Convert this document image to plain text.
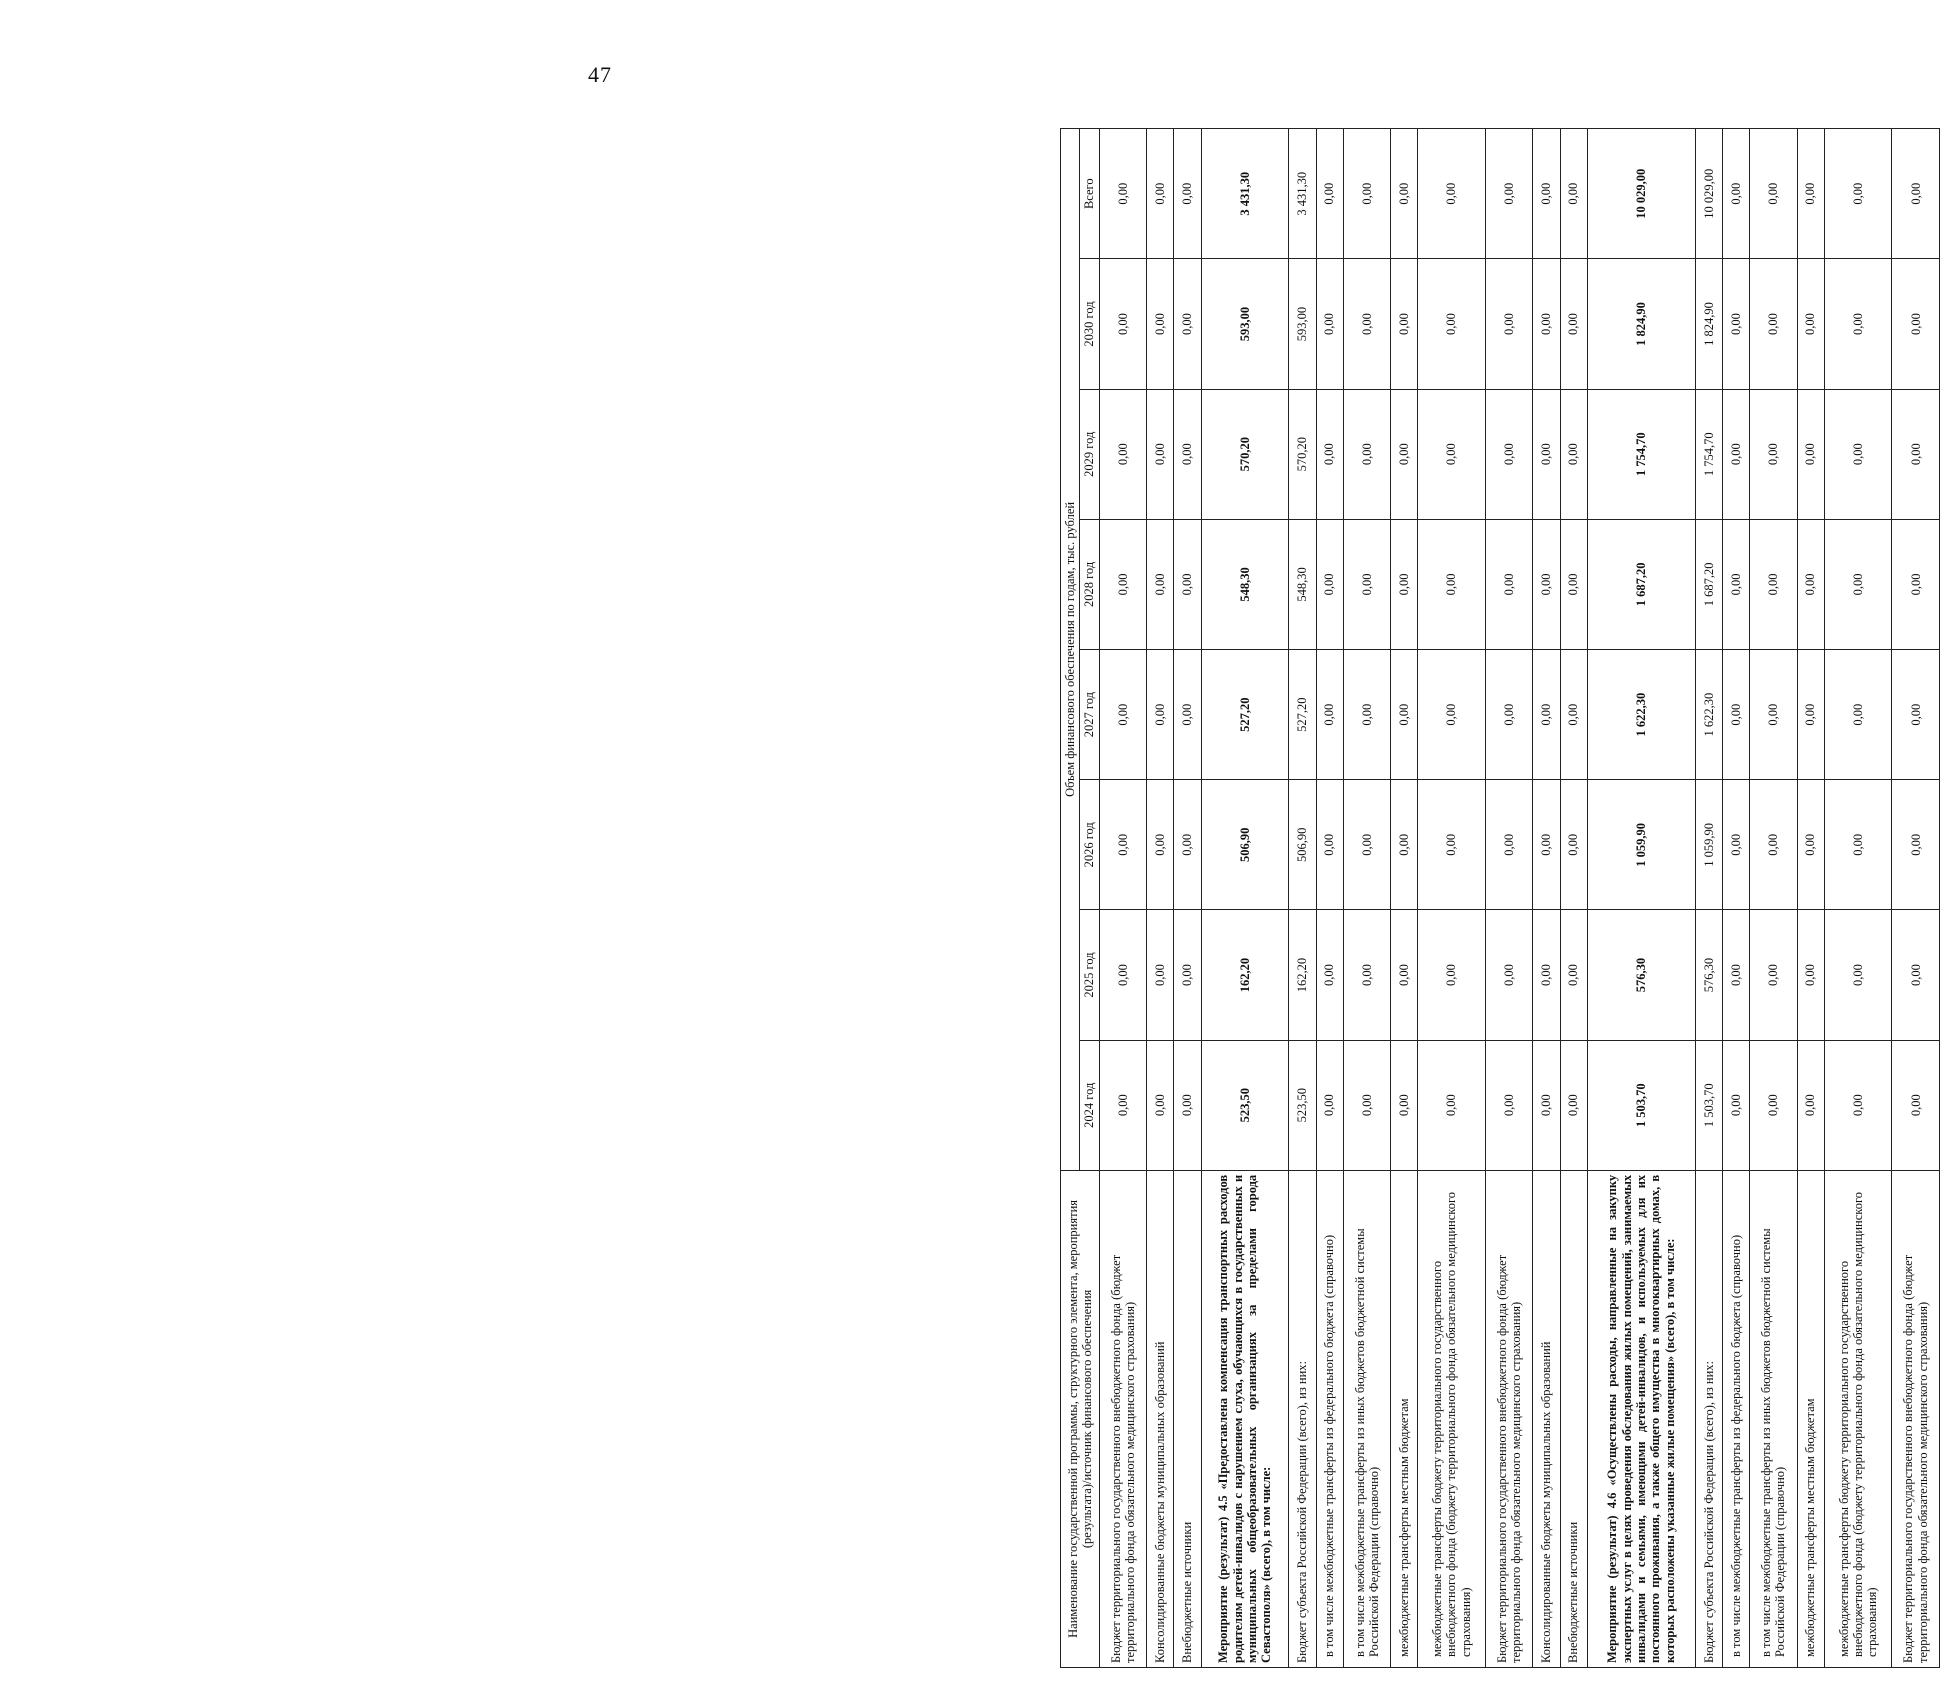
47
Наименование государственной программы, структурного элемента, мероприятия (результата)/источник финансового обеспечения	Объем финансового обеспечения по годам, тыс. рублей							
	2024 год	2025 год	2026 год	2027 год	2028 год	2029 год	2030 год	Всего
Бюджет территориального государственного внебюджетного фонда (бюджет территориального фонда обязательного медицинского страхования)	0,00	0,00	0,00	0,00	0,00	0,00	0,00	0,00
Консолидированные бюджеты муниципальных образований	0,00	0,00	0,00	0,00	0,00	0,00	0,00	0,00
Внебюджетные источники	0,00	0,00	0,00	0,00	0,00	0,00	0,00	0,00
Мероприятие (результат) 4.5 «Предоставлена компенсация транспортных расходов родителям детей-инвалидов с нарушением слуха, обучающихся в государственных и муниципальных общеобразовательных организациях за пределами города Севастополя» (всего), в том числе:	523,50	162,20	506,90	527,20	548,30	570,20	593,00	3 431,30
Бюджет субъекта Российской Федерации (всего), из них:	523,50	162,20	506,90	527,20	548,30	570,20	593,00	3 431,30
в том числе межбюджетные трансферты из федерального бюджета (справочно)	0,00	0,00	0,00	0,00	0,00	0,00	0,00	0,00
в том числе межбюджетные трансферты из иных бюджетов бюджетной системы Российской Федерации (справочно)	0,00	0,00	0,00	0,00	0,00	0,00	0,00	0,00
межбюджетные трансферты местным бюджетам	0,00	0,00	0,00	0,00	0,00	0,00	0,00	0,00
межбюджетные трансферты бюджету территориального государственного внебюджетного фонда (бюджету территориального фонда обязательного медицинского страхования)	0,00	0,00	0,00	0,00	0,00	0,00	0,00	0,00
Бюджет территориального государственного внебюджетного фонда (бюджет территориального фонда обязательного медицинского страхования)	0,00	0,00	0,00	0,00	0,00	0,00	0,00	0,00
Консолидированные бюджеты муниципальных образований	0,00	0,00	0,00	0,00	0,00	0,00	0,00	0,00
Внебюджетные источники	0,00	0,00	0,00	0,00	0,00	0,00	0,00	0,00
Мероприятие (результат) 4.6 «Осуществлены расходы, направленные на закупку экспертных услуг в целях проведения обследования жилых помещений, занимаемых инвалидами и семьями, имеющими детей-инвалидов, и используемых для их постоянного проживания, а также общего имущества в многоквартирных домах, в которых расположены указанные жилые помещения» (всего), в том числе:	1 503,70	576,30	1 059,90	1 622,30	1 687,20	1 754,70	1 824,90	10 029,00
Бюджет субъекта Российской Федерации (всего), из них:	1 503,70	576,30	1 059,90	1 622,30	1 687,20	1 754,70	1 824,90	10 029,00
в том числе межбюджетные трансферты из федерального бюджета (справочно)	0,00	0,00	0,00	0,00	0,00	0,00	0,00	0,00
в том числе межбюджетные трансферты из иных бюджетов бюджетной системы Российской Федерации (справочно)	0,00	0,00	0,00	0,00	0,00	0,00	0,00	0,00
межбюджетные трансферты местным бюджетам	0,00	0,00	0,00	0,00	0,00	0,00	0,00	0,00
межбюджетные трансферты бюджету территориального государственного внебюджетного фонда (бюджету территориального фонда обязательного медицинского страхования)	0,00	0,00	0,00	0,00	0,00	0,00	0,00	0,00
Бюджет территориального государственного внебюджетного фонда (бюджет территориального фонда обязательного медицинского страхования)	0,00	0,00	0,00	0,00	0,00	0,00	0,00	0,00
